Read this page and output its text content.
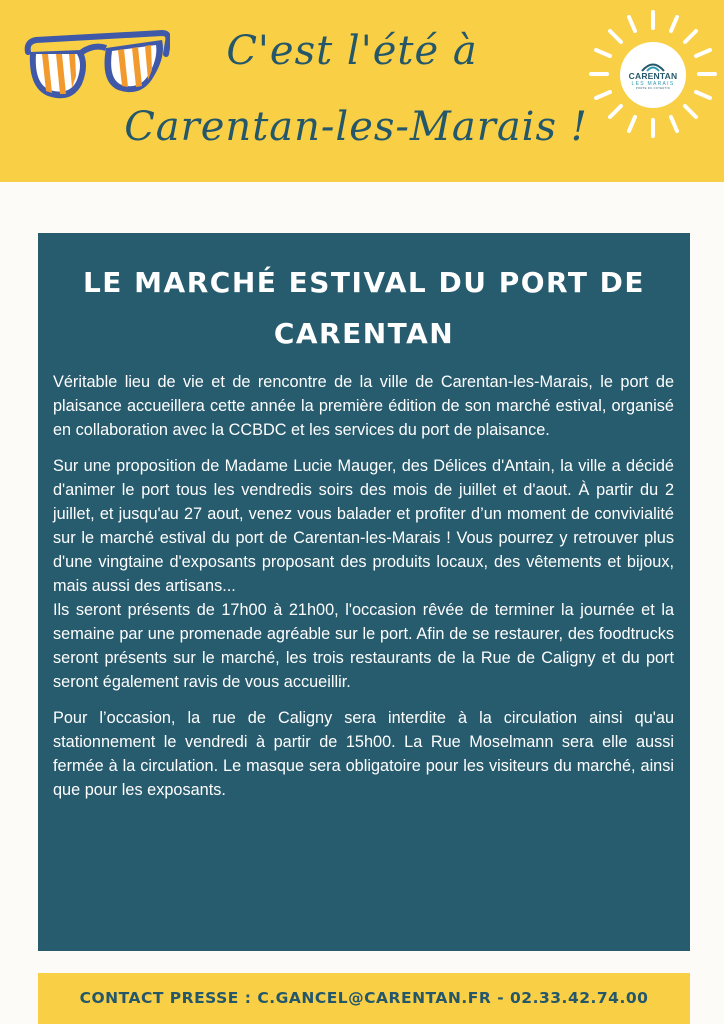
C'est l'été à
Carentan-les-Marais !
CARENTAN
LES MARAIS
PORTE DU COTENTIN
LE MARCHÉ ESTIVAL DU PORT DE CARENTAN

Véritable lieu de vie et de rencontre de la ville de Carentan-les-Marais, le port de plaisance accueillera cette année la première édition de son marché estival, organisé en collaboration avec la CCBDC et les services du port de plaisance.

Sur une proposition de Madame Lucie Mauger, des Délices d'Antain, la ville a décidé d'animer le port tous les vendredis soirs des mois de juillet et d'aout. À partir du 2 juillet, et jusqu'au 27 aout, venez vous balader et profiter d’un moment de convivialité sur le marché estival du port de Carentan-les-Marais ! Vous pourrez y retrouver plus d'une vingtaine d'exposants proposant des produits locaux, des vêtements et bijoux, mais aussi des artisans...

Ils seront présents de 17h00 à 21h00, l'occasion rêvée de terminer la journée et la semaine par une promenade agréable sur le port. Afin de se restaurer, des foodtrucks seront présents sur le marché, les trois restaurants de la Rue de Caligny et du port seront également ravis de vous accueillir.

Pour l’occasion, la rue de Caligny sera interdite à la circulation ainsi qu'au stationnement le vendredi à partir de 15h00. La Rue Moselmann sera elle aussi fermée à la circulation. Le masque sera obligatoire pour les visiteurs du marché, ainsi que pour les exposants.

CONTACT PRESSE : C.GANCEL@CARENTAN.FR - 02.33.42.74.00
